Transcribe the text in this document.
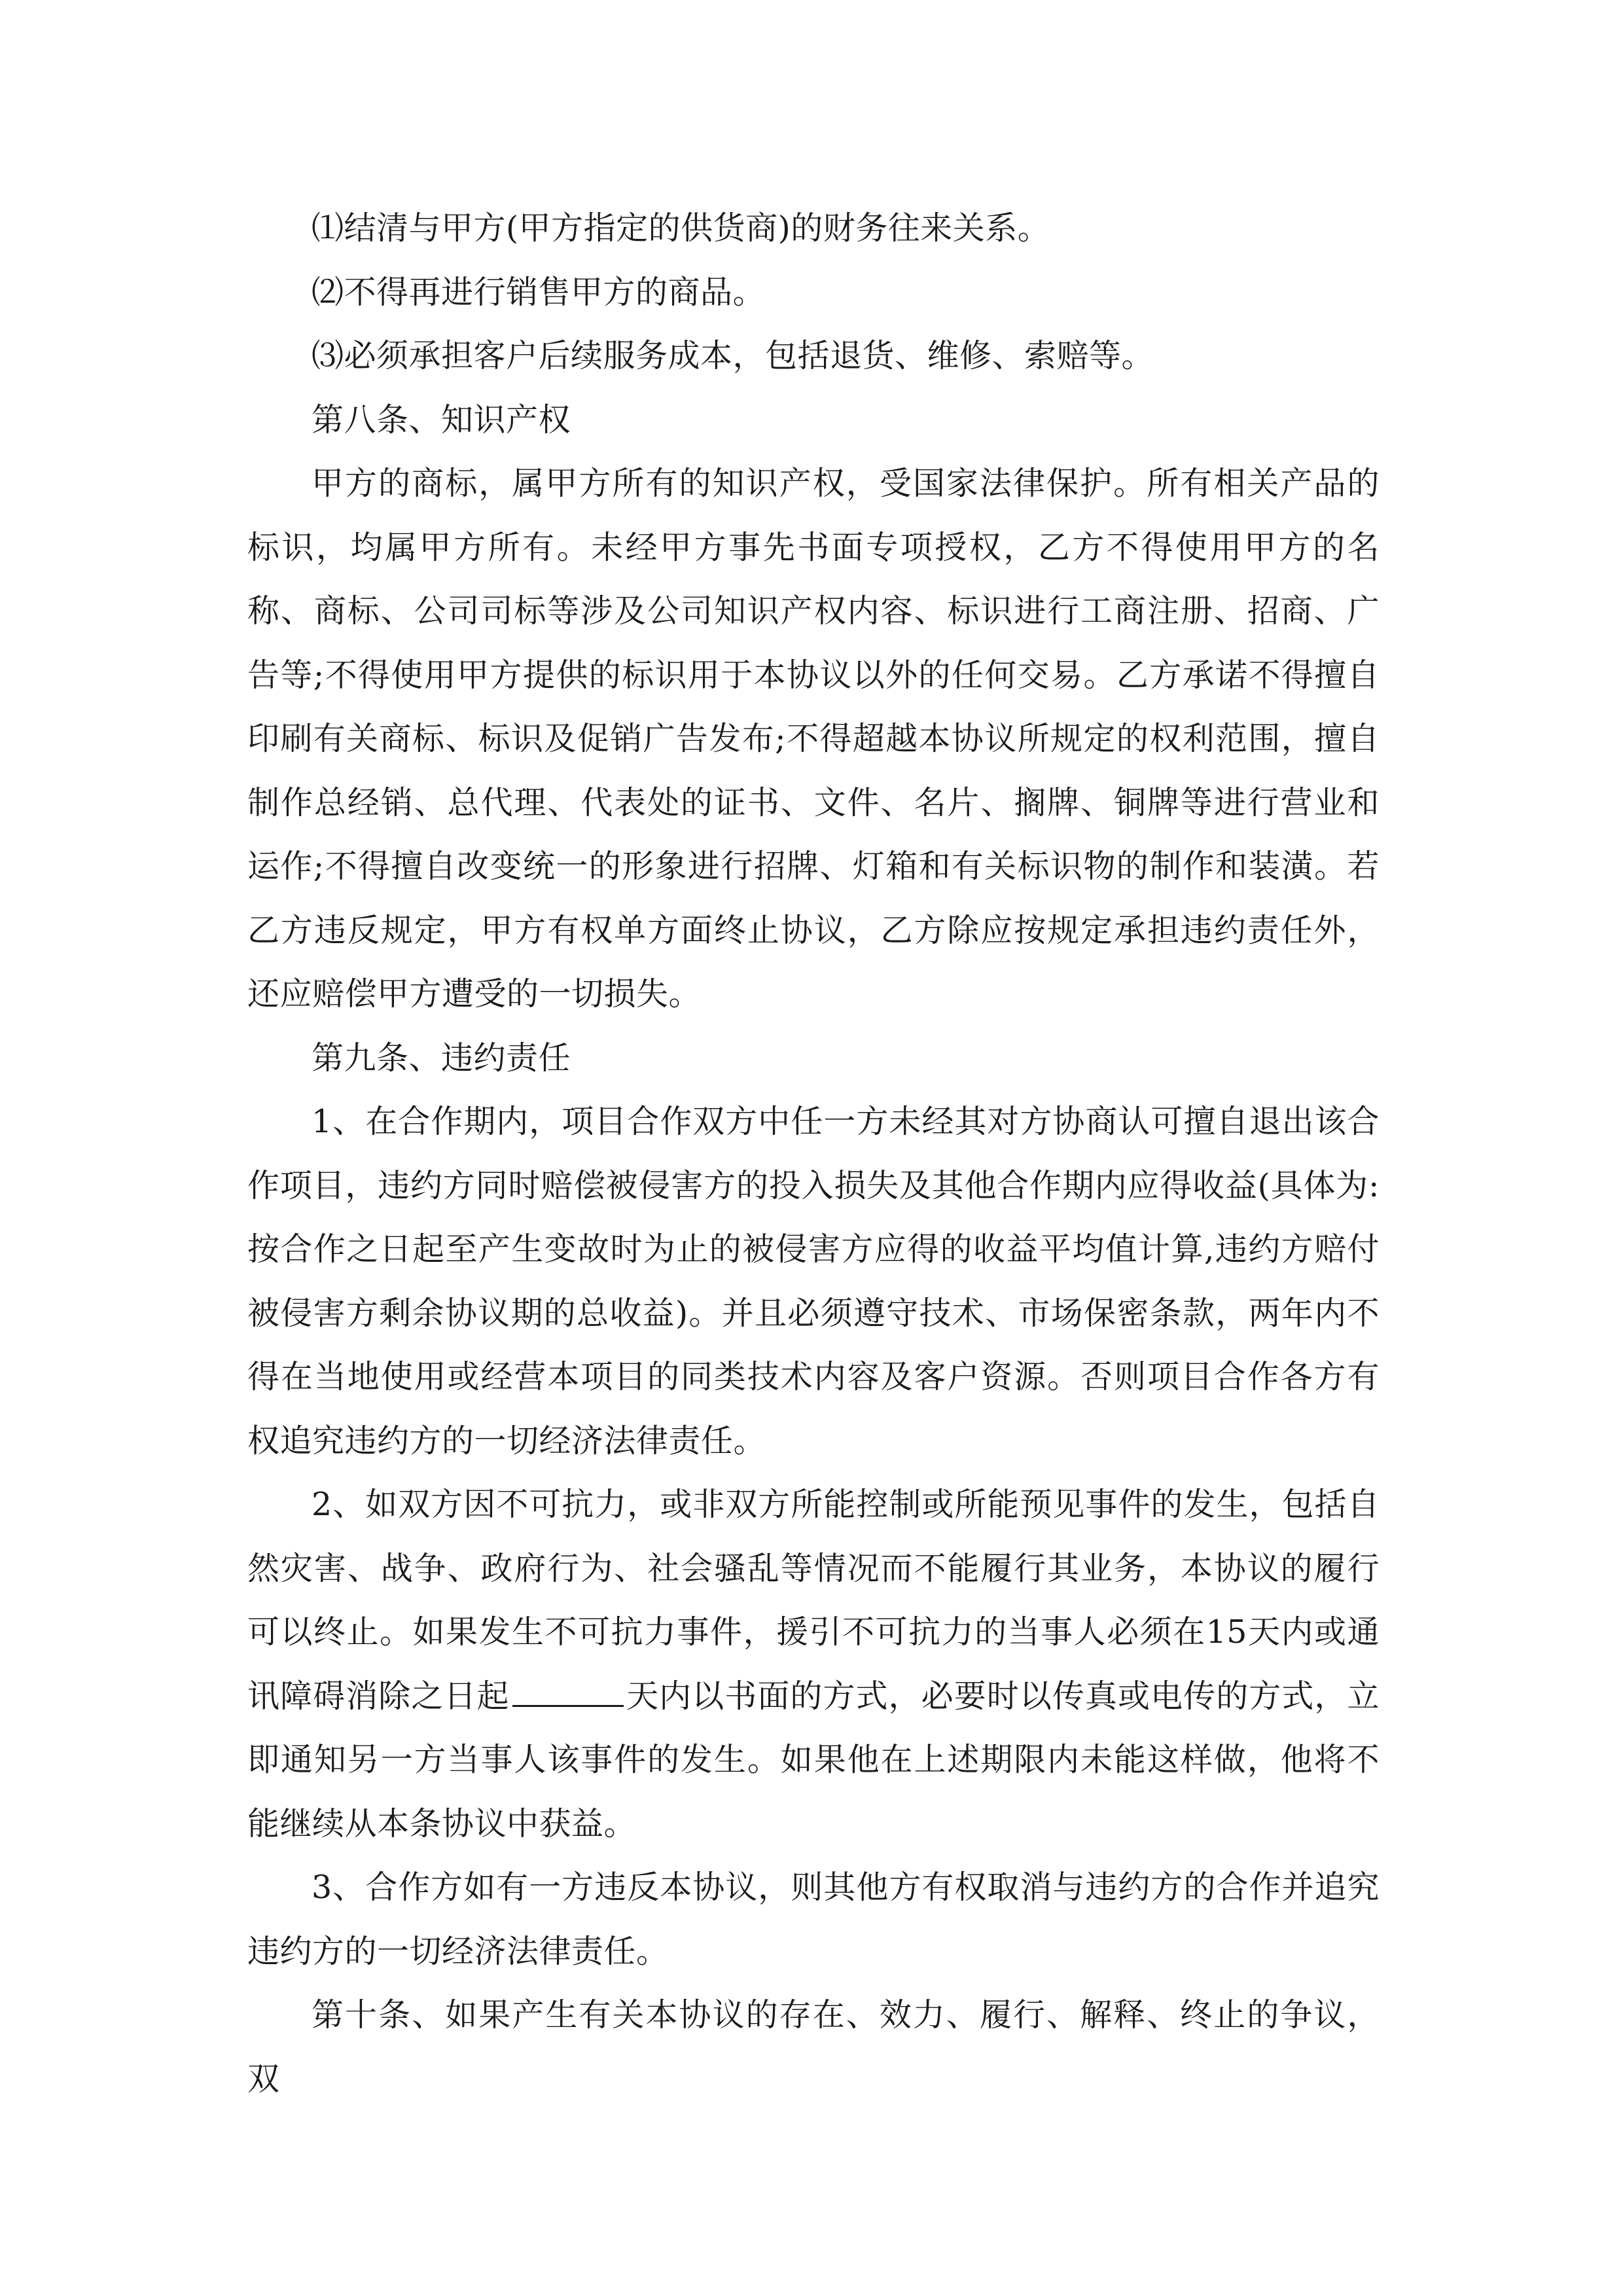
⑴结清与甲方(甲方指定的供货商)的财务往来关系。

⑵不得再进行销售甲方的商品。

⑶必须承担客户后续服务成本，包括退货、维修、索赔等。

第八条、知识产权

甲方的商标，属甲方所有的知识产权，受国家法律保护。所有相关产品的标识，均属甲方所有。未经甲方事先书面专项授权，乙方不得使用甲方的名称、商标、公司司标等涉及公司知识产权内容、标识进行工商注册、招商、广告等;不得使用甲方提供的标识用于本协议以外的任何交易。乙方承诺不得擅自印刷有关商标、标识及促销广告发布;不得超越本协议所规定的权利范围，擅自制作总经销、总代理、代表处的证书、文件、名片、搁牌、铜牌等进行营业和运作;不得擅自改变统一的形象进行招牌、灯箱和有关标识物的制作和装潢。若乙方违反规定，甲方有权单方面终止协议，乙方除应按规定承担违约责任外，还应赔偿甲方遭受的一切损失。

第九条、违约责任

1、在合作期内，项目合作双方中任一方未经其对方协商认可擅自退出该合作项目，违约方同时赔偿被侵害方的投入损失及其他合作期内应得收益(具体为:按合作之日起至产生变故时为止的被侵害方应得的收益平均值计算,违约方赔付被侵害方剩余协议期的总收益)。并且必须遵守技术、市场保密条款，两年内不得在当地使用或经营本项目的同类技术内容及客户资源。否则项目合作各方有权追究违约方的一切经济法律责任。

2、如双方因不可抗力，或非双方所能控制或所能预见事件的发生，包括自然灾害、战争、政府行为、社会骚乱等情况而不能履行其业务，本协议的履行可以终止。如果发生不可抗力事件，援引不可抗力的当事人必须在15天内或通讯障碍消除之日起	天内以书面的方式，必要时以传真或电传的方式，立即通知另一方当事人该事件的发生。如果他在上述期限内未能这样做，他将不能继续从本条协议中获益。

3、合作方如有一方违反本协议，则其他方有权取消与违约方的合作并追究违约方的一切经济法律责任。

第十条、如果产生有关本协议的存在、效力、履行、解释、终止的争议，双
